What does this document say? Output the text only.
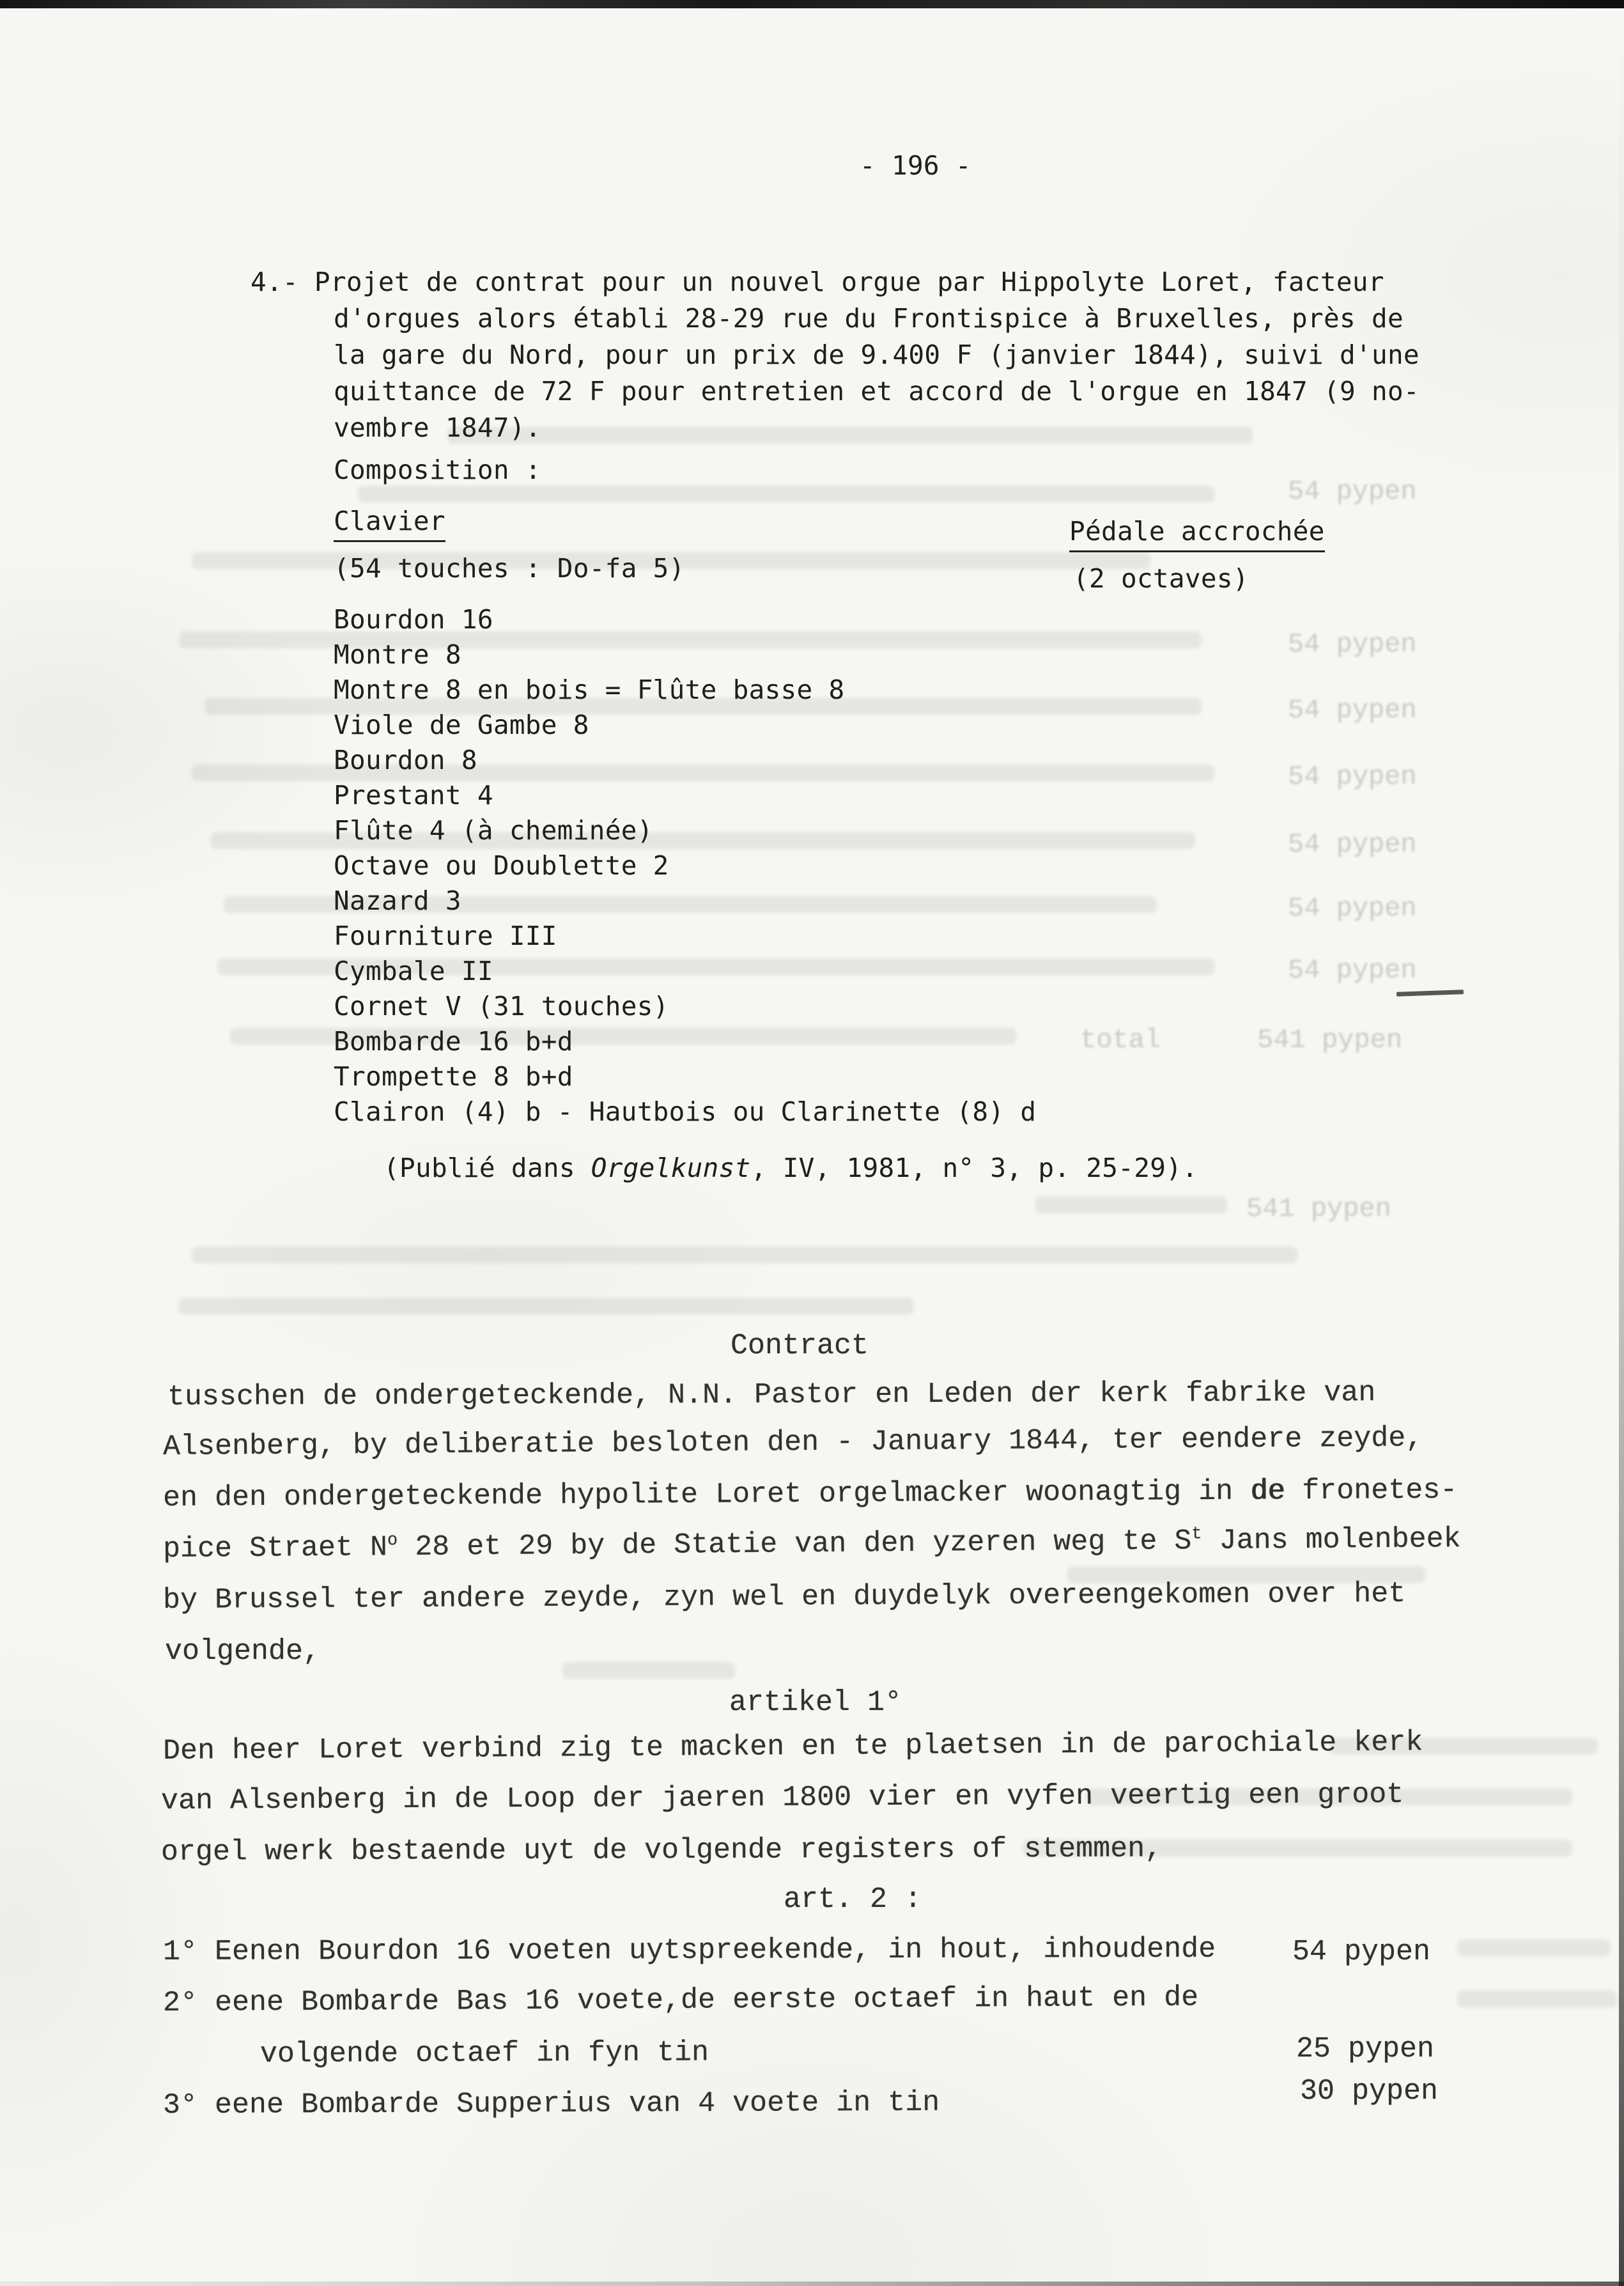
54 pypen
54 pypen
54 pypen
54 pypen
54 pypen
54 pypen
54 pypen
total      541 pypen
541 pypen
- 196 -
4.- Projet de contrat pour un nouvel orgue par Hippolyte Loret, facteur
d'orgues alors établi 28-29 rue du Frontispice à Bruxelles, près de
la gare du Nord, pour un prix de 9.400 F (janvier 1844), suivi d'une
quittance de 72 F pour entretien et accord de l'orgue en 1847 (9 no-
vembre 1847).
Composition :
Clavier	Pédale accrochée
(54 touches : Do-fa 5)	(2 octaves)
Bourdon 16
Montre 8
Montre 8 en bois = Flûte basse 8
Viole de Gambe 8
Bourdon 8
Prestant 4
Flûte 4 (à cheminée)
Octave ou Doublette 2
Nazard 3
Fourniture III
Cymbale II
Cornet V (31 touches)
Bombarde 16 b+d
Trompette 8 b+d
Clairon (4) b - Hautbois ou Clarinette (8) d
(Publié dans Orgelkunst, IV, 1981, n° 3, p. 25-29).
Contract
tusschen de ondergeteckende, N.N. Pastor en Leden der kerk fabrike van
Alsenberg, by deliberatie besloten den - January 1844, ter eendere zeyde,
en den ondergeteckende hypolite Loret orgelmacker woonagtig in de fronetes-
pice Straet $N^o$ 28 et 29 by de Statie van den yzeren weg te $S^t$ Jans molenbeek
by Brussel ter andere zeyde, zyn wel en duydelyk overeengekomen over het
volgende,
artikel 1°
Den heer Loret verbind zig te macken en te plaetsen in de parochiale kerk
van Alsenberg in de Loop der jaeren 1800 vier en vyfen veertig een groot
orgel werk bestaende uyt de volgende registers of stemmen,
art. 2 :
1° Eenen Bourdon 16 voeten uytspreekende, in hout, inhoudende	54 pypen
2° eene Bombarde Bas 16 voete,de eerste octaef in haut en de
volgende octaef in fyn tin	25 pypen
3° eene Bombarde Supperius van 4 voete in tin	30 pypen
